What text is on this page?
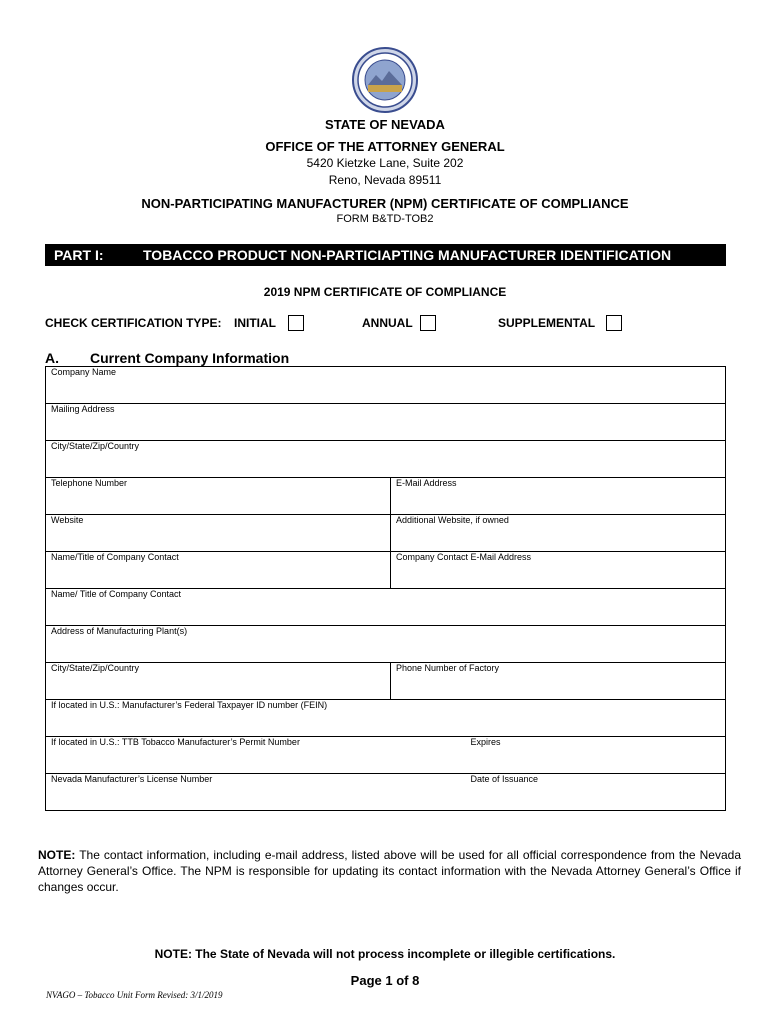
STATE OF NEVADA
OFFICE OF THE ATTORNEY GENERAL
5420 Kietzke Lane, Suite 202
Reno, Nevada 89511
NON-PARTICIPATING MANUFACTURER (NPM) CERTIFICATE OF COMPLIANCE
FORM B&TD-TOB2
PART I:	TOBACCO PRODUCT NON-PARTICIAPTING MANUFACTURER IDENTIFICATION
2019 NPM CERTIFICATE OF COMPLIANCE
CHECK CERTIFICATION TYPE: INITIAL	ANNUAL	SUPPLEMENTAL
A. Current Company Information
Company Name		
Mailing Address		
City/State/Zip/Country		
Telephone Number	E-Mail Address	
Website	Additional Website, if owned	
Name/Title of Company Contact	Company Contact E-Mail Address	
Name/ Title of Company Contact		
Address of Manufacturing Plant(s)		
City/State/Zip/Country	Phone Number of Factory	
If located in U.S.: Manufacturer’s Federal Taxpayer ID number (FEIN)		
If located in U.S.: TTB Tobacco Manufacturer’s Permit Number		Expires
Nevada Manufacturer’s License Number		Date of Issuance
NOTE: The contact information, including e-mail address, listed above will be used for all official correspondence from the Nevada Attorney General’s Office. The NPM is responsible for updating its contact information with the Nevada Attorney General’s Office if changes occur.
NOTE: The State of Nevada will not process incomplete or illegible certifications.
Page 1 of 8
NVAGO – Tobacco Unit Form Revised: 3/1/2019
